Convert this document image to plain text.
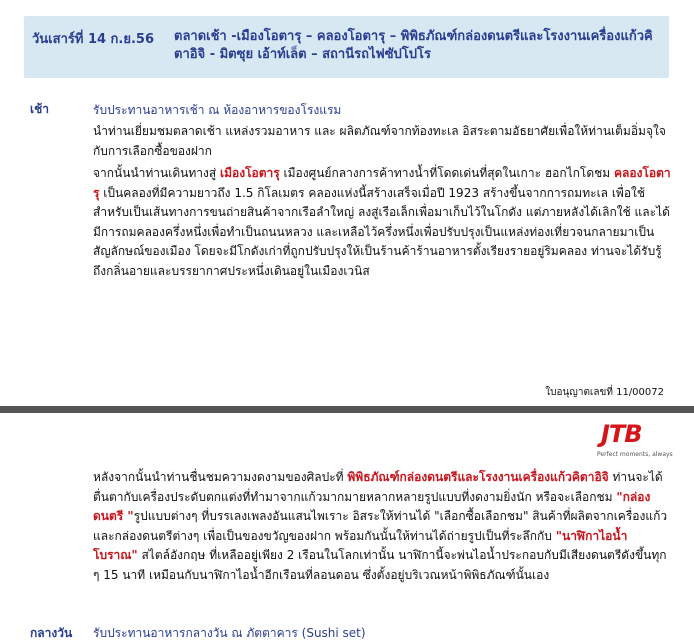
วันเสาร์ที่ 14 ก.ย.56 ตลาดเช้า -เมืองโอตารุ – คลองโอตารุ – พิพิธภัณฑ์กล่องดนตรีและโรงงานเครื่องแก้วคิตาอิจิ - มิตซุย เอ้าท์เล็ต – สถานีรถไฟซัปโปโร
เช้า	รับประทานอาหารเช้า ณ ห้องอาหารของโรงแรม
นำท่านเยี่ยมชมตลาดเช้า แหล่งรวมอาหาร และ ผลิตภัณฑ์จากท้องทะเล อิสระตามอัธยาศัยเพื่อให้ท่านเต็มอิ่มจุใจกับการเลือกซื้อของฝาก
จากนั้นนำท่านเดินทางสู่ เมืองโอตารุ เมืองศูนย์กลางการค้าทางน้ำที่โดดเด่นที่สุดในเกาะ ฮอกไกโดชม คลองโอตารุ เป็นคลองที่มีความยาวถึง 1.5 กิโลเมตร คลองแห่งนี้สร้างเสร็จเมื่อปี 1923 สร้างขึ้นจากการถมทะเล เพื่อใช้สำหรับเป็นเส้นทางการขนถ่ายสินค้าจากเรือลำใหญ่ ลงสู่เรือเล็กเพื่อมาเก็บไว้ในโกดัง แต่ภายหลังได้เลิกใช้ และได้มีการถมคลองครึ่งหนึ่งเพื่อทำเป็นถนนหลวง และเหลือไว้ครึ่งหนึ่งเพื่อปรับปรุงเป็นแหล่งท่องเที่ยวจนกลายมาเป็นสัญลักษณ์ของเมือง โดยจะมีโกดังเก่าที่ถูกปรับปรุงให้เป็นร้านค้าร้านอาหารตั้งเรียงรายอยู่ริมคลอง ท่านจะได้รับรู้ถึงกลิ่นอายและบรรยากาศประหนึ่งเดินอยู่ในเมืองเวนิส
ใบอนุญาตเลขที่ 11/00072
JTB
Perfect moments, always
หลังจากนั้นนำท่านชื่นชมความงดงามของศิลปะที่ พิพิธภัณฑ์กล่องดนตรีและโรงงานเครื่องแก้วคิตาอิจิ ท่านจะได้ตื่นตากับเครื่องประดับตกแต่งที่ทำมาจากแก้วมากมายหลากหลายรูปแบบที่งดงามยิ่งนัก หรือจะเลือกชม "กล่องดนตรี "รูปแบบต่างๆ ที่บรรเลงเพลงอันแสนไพเราะ อิสระให้ท่านได้ "เลือกซื้อเลือกชม" สินค้าที่ผลิตจากเครื่องแก้วและกล่องดนตรีต่างๆ เพื่อเป็นของขวัญของฝาก พร้อมกันนั้นให้ท่านได้ถ่ายรูปเป็นที่ระลึกกับ "นาฬิกาไอน้ำโบราณ" สไตล์อังกฤษ ที่เหลืออยู่เพียง 2 เรือนในโลกเท่านั้น นาฬิกานี้จะพ่นไอน้ำประกอบกับมีเสียงดนตรีดังขึ้นทุก ๆ 15 นาที เหมือนกับนาฬิกาไอน้ำอีกเรือนที่ลอนดอน ซึ่งตั้งอยู่บริเวณหน้าพิพิธภัณฑ์นั้นเอง
กลางวัน รับประทานอาหารกลางวัน ณ ภัตตาคาร (Sushi set)
